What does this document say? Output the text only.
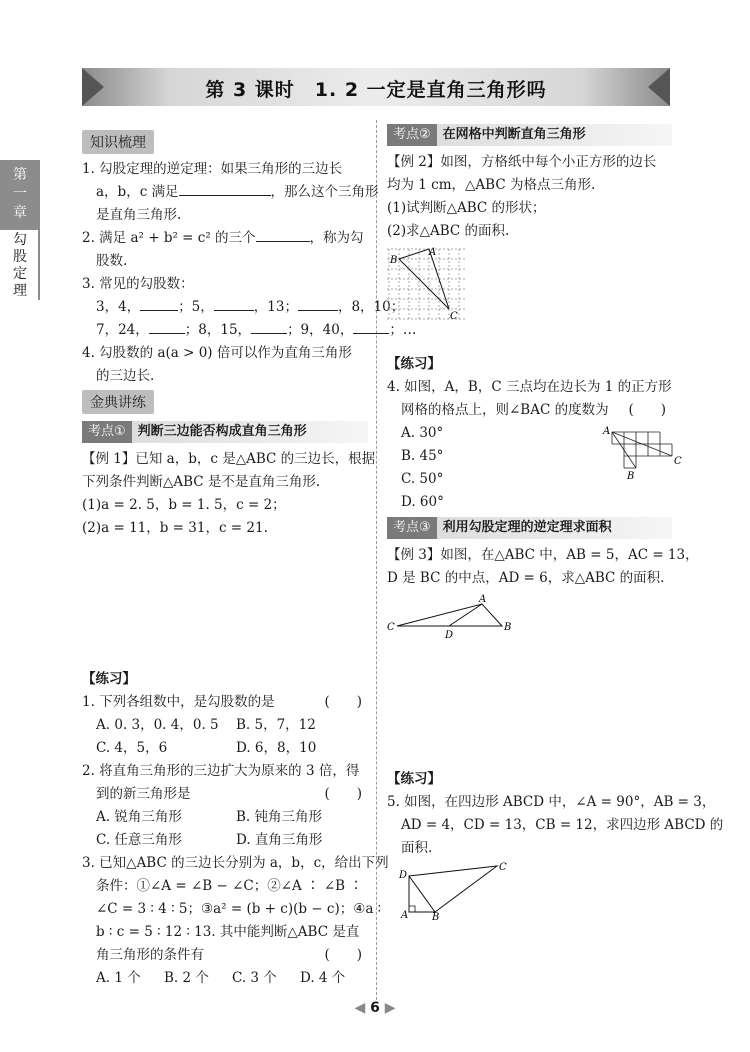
第 3 课时　1. 2 一定是直角三角形吗
第
一
章
勾
股
定
理
知识梳理

1. 勾股定理的逆定理：如果三角形的三边长

a，b，c 满足	，那么这个三角形

是直角三角形.

2. 满足 a² + b² = c² 的三个	，称为勾

股数.

3. 常见的勾股数：

3，4，	；5，	，13；	，8，10；

7，24，	；8，15，	；9，40，	；…

4. 勾股数的 a(a > 0) 倍可以作为直角三角形

的三边长.

金典讲练
考点① 判断三边能否构成直角三角形

【例 1】已知 a，b，c 是△ABC 的三边长，根据

下列条件判断△ABC 是不是直角三角形.

(1)a = 2. 5，b = 1. 5，c = 2；

(2)a = 11，b = 31，c = 21.

【练习】

1. 下列各组数中，是勾股数的是	(　　)

A. 0. 3，0. 4，0. 5	B. 5，7，12

C. 4，5，6	D. 6，8，10

2. 将直角三角形的三边扩大为原来的 3 倍，得

到的新三角形是	(　　)

A. 锐角三角形	B. 钝角三角形

C. 任意三角形	D. 直角三角形

3. 已知△ABC 的三边长分别为 a，b，c，给出下列

条件：①∠A = ∠B − ∠C；②∠A ∶ ∠B ∶

∠C = 3 ∶ 4 ∶ 5；③a² = (b + c)(b − c)；④a ∶

b ∶ c = 5 ∶ 12 ∶ 13. 其中能判断△ABC 是直

角三角形的条件有	(　　)

A. 1 个	B. 2 个	C. 3 个	D. 4 个

考点② 在网格中判断直角三角形

【例 2】如图，方格纸中每个小正方形的边长

均为 1 cm，△ABC 为格点三角形.

(1)试判断△ABC 的形状；

(2)求△ABC 的面积.

A
B
C

【练习】

4. 如图，A，B，C 三点均在边长为 1 的正方形

网格的格点上，则∠BAC 的度数为 (　　)

A. 30°

B. 45°

C. 50°

D. 60°

A
C
B
考点③ 利用勾股定理的逆定理求面积

【例 3】如图，在△ABC 中，AB = 5，AC = 13，

D 是 BC 的中点，AD = 6，求△ABC 的面积.

A
C	B
D

【练习】

5. 如图，在四边形 ABCD 中，∠A = 90°，AB = 3，

AD = 4，CD = 13，CB = 12，求四边形 ABCD 的

面积.

D
C
A B
◀ 6 ▶
